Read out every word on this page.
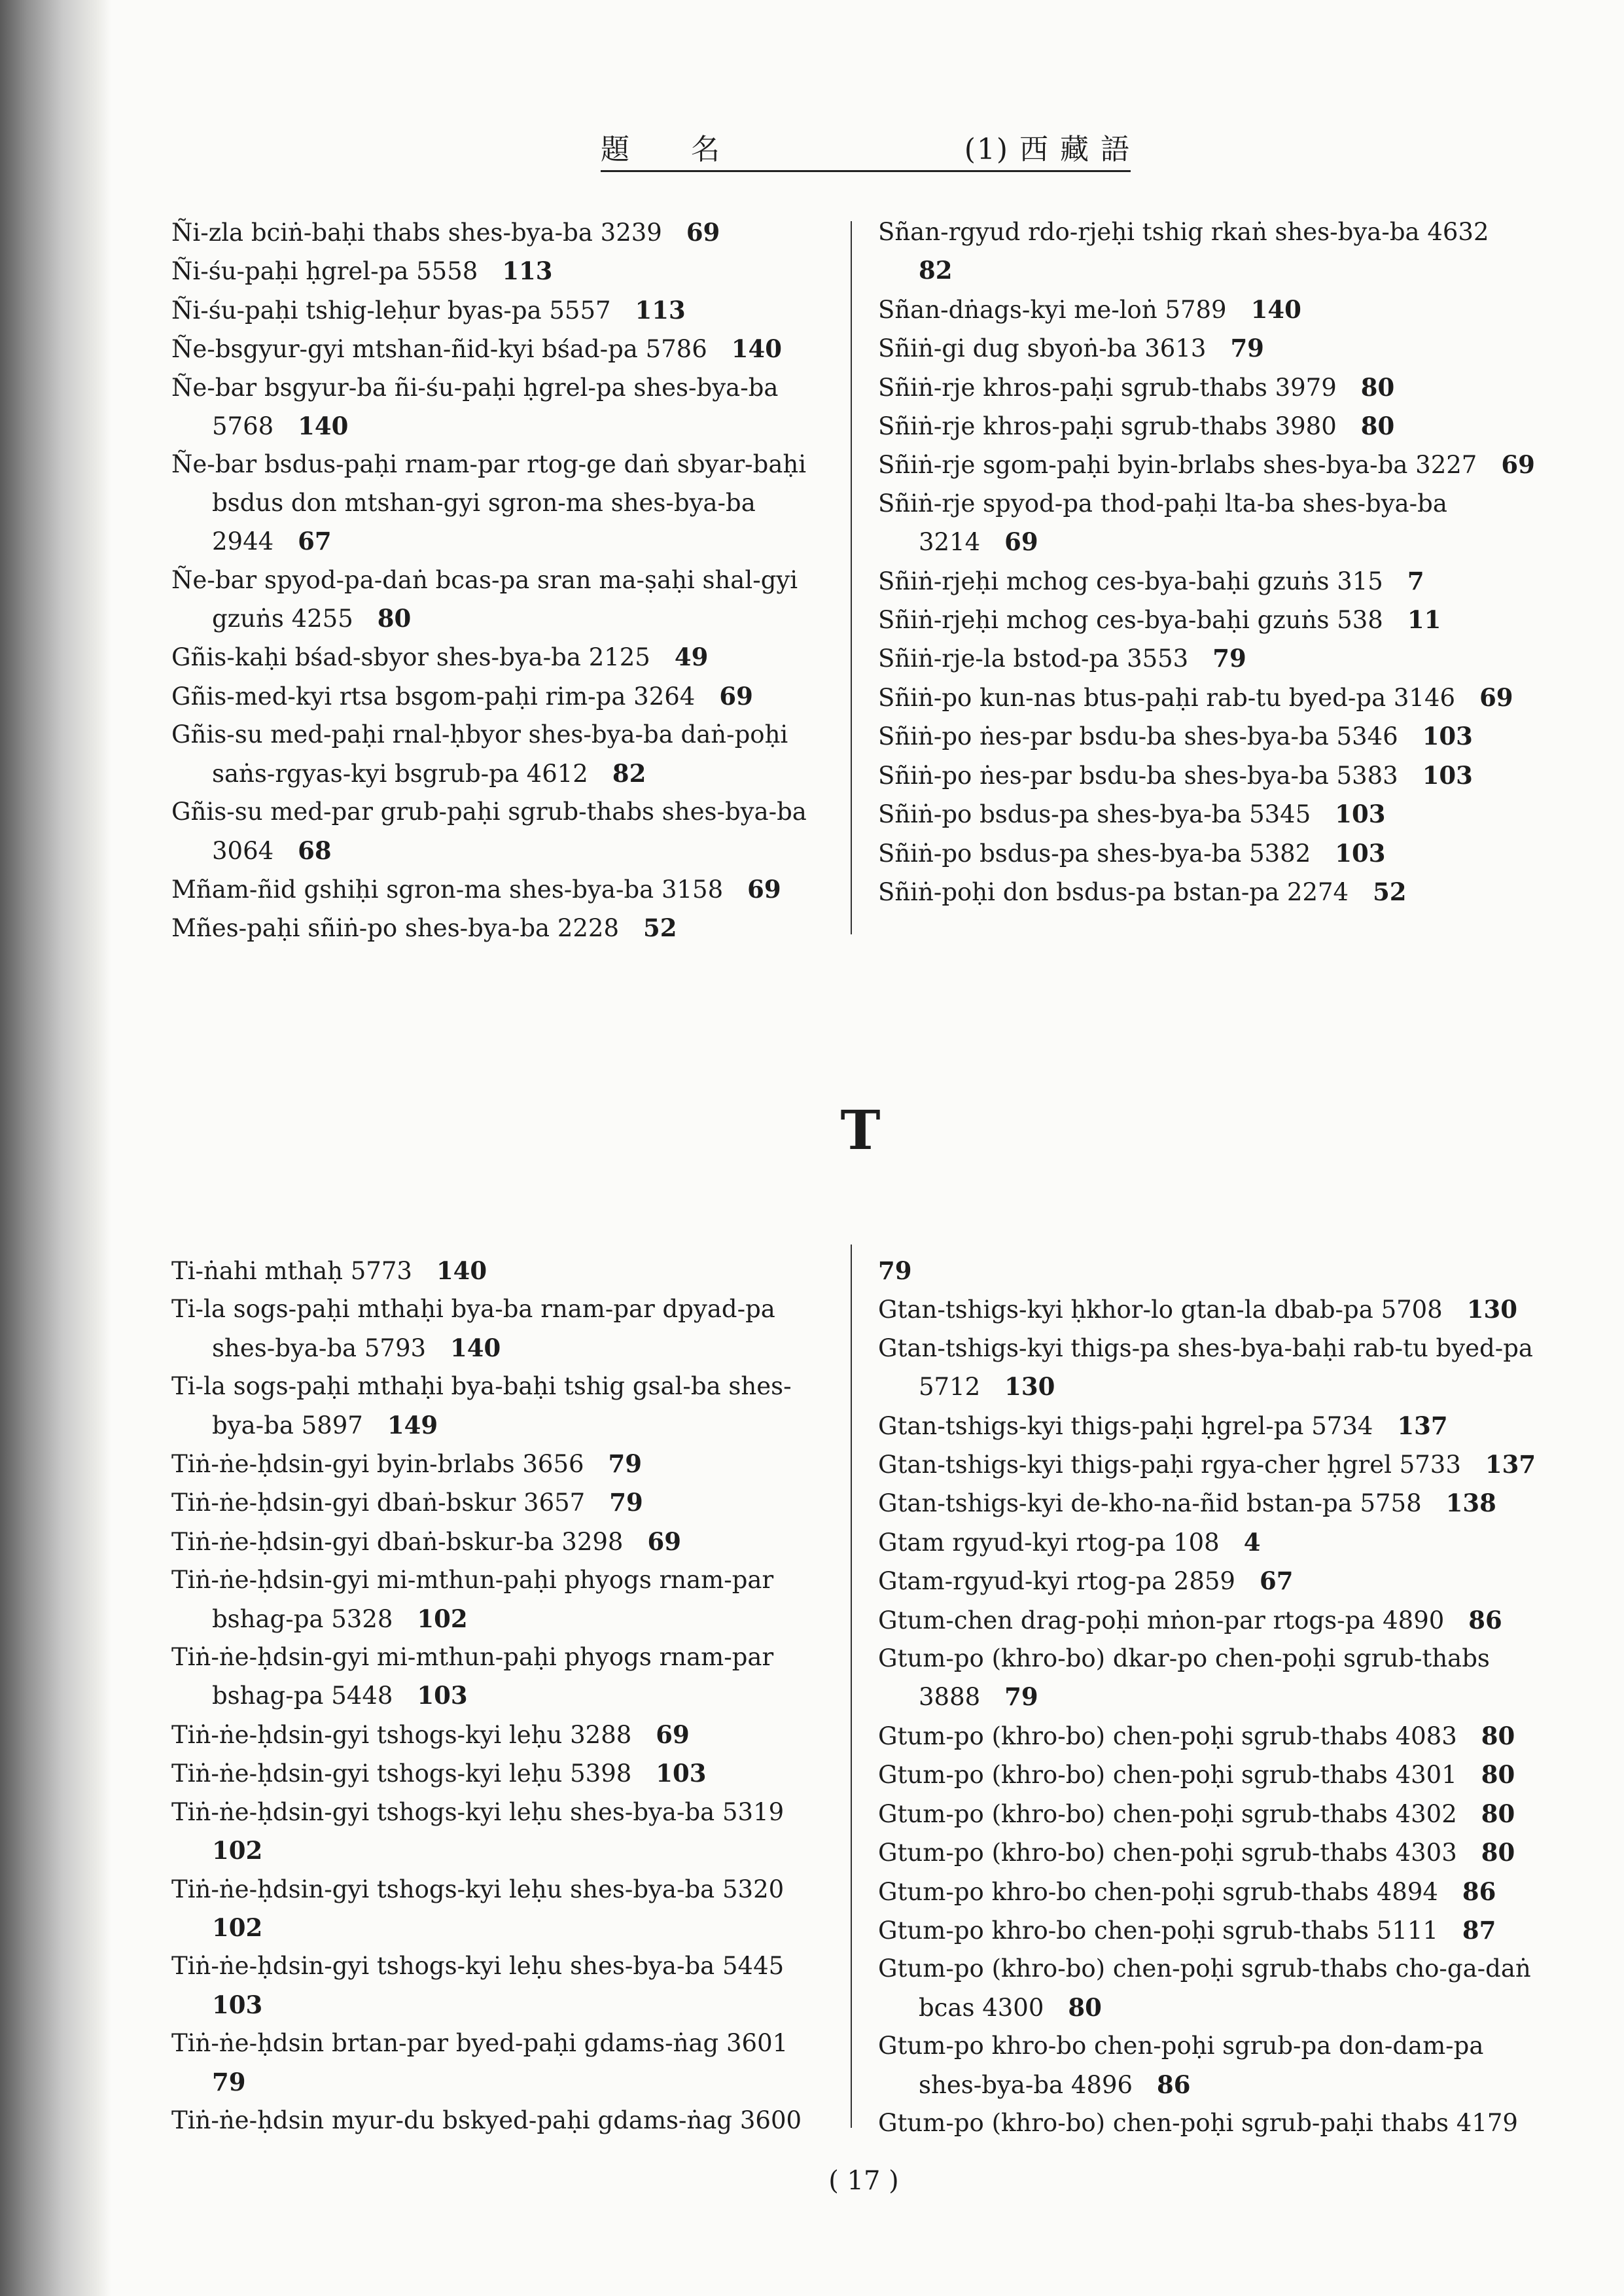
題　　名	(1) 西 藏 語
Ñi-zla bciṅ-baḥi thabs shes-bya-ba 3239  69
Ñi-śu-paḥi ḥgrel-pa 5558  113
Ñi-śu-paḥi tshig-leḥur byas-pa 5557  113
Ñe-bsgyur-gyi mtshan-ñid-kyi bśad-pa 5786  140
Ñe-bar bsgyur-ba ñi-śu-paḥi ḥgrel-pa shes-bya-ba 5768  140
Ñe-bar bsdus-paḥi rnam-par rtog-ge daṅ sbyar-baḥi bsdus don mtshan-gyi sgron-ma shes-bya-ba 2944  67
Ñe-bar spyod-pa-daṅ bcas-pa sran ma-ṣaḥi shal-gyi gzuṅs 4255  80
Gñis-kaḥi bśad-sbyor shes-bya-ba 2125  49
Gñis-med-kyi rtsa bsgom-paḥi rim-pa 3264  69
Gñis-su med-paḥi rnal-ḥbyor shes-bya-ba daṅ-poḥi saṅs-rgyas-kyi bsgrub-pa 4612  82
Gñis-su med-par grub-paḥi sgrub-thabs shes-bya-ba 3064  68
Mñam-ñid gshiḥi sgron-ma shes-bya-ba 3158  69
Mñes-paḥi sñiṅ-po shes-bya-ba 2228  52
Sñan-rgyud rdo-rjeḥi tshig rkaṅ shes-bya-ba 4632 82
Sñan-dṅags-kyi me-loṅ 5789  140
Sñiṅ-gi dug sbyoṅ-ba 3613  79
Sñiṅ-rje khros-paḥi sgrub-thabs 3979  80
Sñiṅ-rje khros-paḥi sgrub-thabs 3980  80
Sñiṅ-rje sgom-paḥi byin-brlabs shes-bya-ba 3227  69
Sñiṅ-rje spyod-pa thod-paḥi lta-ba shes-bya-ba 3214  69
Sñiṅ-rjeḥi mchog ces-bya-baḥi gzuṅs 315  7
Sñiṅ-rjeḥi mchog ces-bya-baḥi gzuṅs 538  11
Sñiṅ-rje-la bstod-pa 3553  79
Sñiṅ-po kun-nas btus-paḥi rab-tu byed-pa 3146  69
Sñiṅ-po ṅes-par bsdu-ba shes-bya-ba 5346  103
Sñiṅ-po ṅes-par bsdu-ba shes-bya-ba 5383  103
Sñiṅ-po bsdus-pa shes-bya-ba 5345  103
Sñiṅ-po bsdus-pa shes-bya-ba 5382  103
Sñiṅ-poḥi don bsdus-pa bstan-pa 2274  52
T
Ti-ṅahi mthaḥ 5773  140
Ti-la sogs-paḥi mthaḥi bya-ba rnam-par dpyad-pa shes-bya-ba 5793  140
Ti-la sogs-paḥi mthaḥi bya-baḥi tshig gsal-ba shes-bya-ba 5897  149
Tiṅ-ṅe-ḥdsin-gyi byin-brlabs 3656  79
Tiṅ-ṅe-ḥdsin-gyi dbaṅ-bskur 3657  79
Tiṅ-ṅe-ḥdsin-gyi dbaṅ-bskur-ba 3298  69
Tiṅ-ṅe-ḥdsin-gyi mi-mthun-paḥi phyogs rnam-par bshag-pa 5328  102
Tiṅ-ṅe-ḥdsin-gyi mi-mthun-paḥi phyogs rnam-par bshag-pa 5448  103
Tiṅ-ṅe-ḥdsin-gyi tshogs-kyi leḥu 3288  69
Tiṅ-ṅe-ḥdsin-gyi tshogs-kyi leḥu 5398  103
Tiṅ-ṅe-ḥdsin-gyi tshogs-kyi leḥu shes-bya-ba 5319 102
Tiṅ-ṅe-ḥdsin-gyi tshogs-kyi leḥu shes-bya-ba 5320 102
Tiṅ-ṅe-ḥdsin-gyi tshogs-kyi leḥu shes-bya-ba 5445 103
Tiṅ-ṅe-ḥdsin brtan-par byed-paḥi gdams-ṅag 3601 79
Tiṅ-ṅe-ḥdsin myur-du bskyed-paḥi gdams-ṅag 3600
79
Gtan-tshigs-kyi ḥkhor-lo gtan-la dbab-pa 5708  130
Gtan-tshigs-kyi thigs-pa shes-bya-baḥi rab-tu byed-pa 5712  130
Gtan-tshigs-kyi thigs-paḥi ḥgrel-pa 5734  137
Gtan-tshigs-kyi thigs-paḥi rgya-cher ḥgrel 5733  137
Gtan-tshigs-kyi de-kho-na-ñid bstan-pa 5758  138
Gtam rgyud-kyi rtog-pa 108  4
Gtam-rgyud-kyi rtog-pa 2859  67
Gtum-chen drag-poḥi mṅon-par rtogs-pa 4890  86
Gtum-po (khro-bo) dkar-po chen-poḥi sgrub-thabs 3888  79
Gtum-po (khro-bo) chen-poḥi sgrub-thabs 4083  80
Gtum-po (khro-bo) chen-poḥi sgrub-thabs 4301  80
Gtum-po (khro-bo) chen-poḥi sgrub-thabs 4302  80
Gtum-po (khro-bo) chen-poḥi sgrub-thabs 4303  80
Gtum-po khro-bo chen-poḥi sgrub-thabs 4894  86
Gtum-po khro-bo chen-poḥi sgrub-thabs 5111  87
Gtum-po (khro-bo) chen-poḥi sgrub-thabs cho-ga-daṅ bcas 4300  80
Gtum-po khro-bo chen-poḥi sgrub-pa don-dam-pa shes-bya-ba 4896  86
Gtum-po (khro-bo) chen-poḥi sgrub-paḥi thabs 4179
( 17 )
